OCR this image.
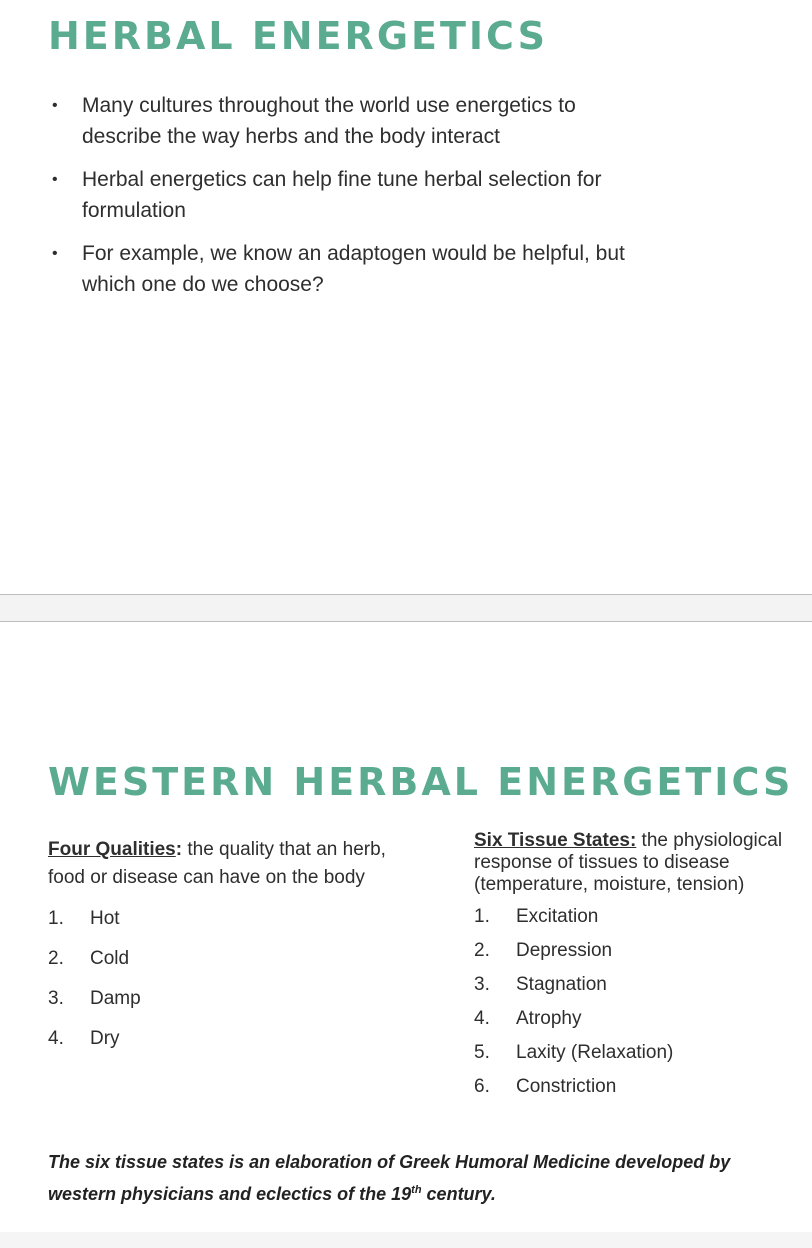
HERBAL ENERGETICS
• Many cultures throughout the world use energetics to describe the way herbs and the body interact
• Herbal energetics can help fine tune herbal selection for formulation
• For example, we know an adaptogen would be helpful, but which one do we choose?
WESTERN HERBAL ENERGETICS

Four Qualities: the quality that an herb, food or disease can have on the body

1.	Hot
2.	Cold
3.	Damp
4.	Dry

Six Tissue States: the physiological response of tissues to disease (temperature, moisture, tension)

1.	Excitation
2.	Depression
3.	Stagnation
4.	Atrophy
5.	Laxity (Relaxation)
6.	Constriction

The six tissue states is an elaboration of Greek Humoral Medicine developed by western physicians and eclectics of the 19th century.
